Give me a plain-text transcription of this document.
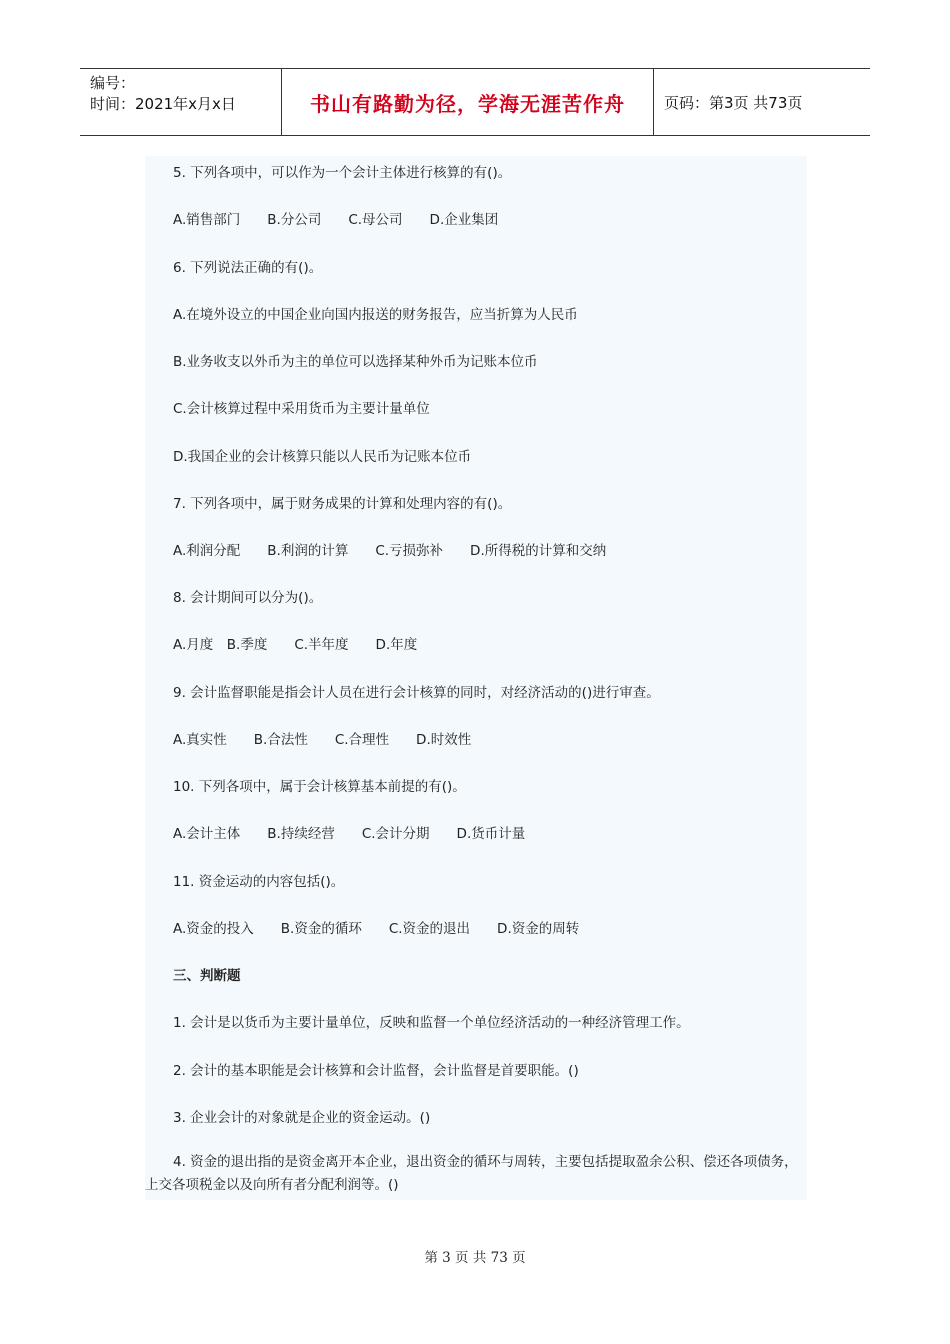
编号：
时间：2021年x月x日	书山有路勤为径，学海无涯苦作舟	页码：第3页 共73页
5. 下列各项中，可以作为一个会计主体进行核算的有()。
A.销售部门　　B.分公司　　C.母公司　　D.企业集团
6. 下列说法正确的有()。
A.在境外设立的中国企业向国内报送的财务报告，应当折算为人民币
B.业务收支以外币为主的单位可以选择某种外币为记账本位币
C.会计核算过程中采用货币为主要计量单位
D.我国企业的会计核算只能以人民币为记账本位币
7. 下列各项中，属于财务成果的计算和处理内容的有()。
A.利润分配　　B.利润的计算　　C.亏损弥补　　D.所得税的计算和交纳
8. 会计期间可以分为()。
A.月度　B.季度　　C.半年度　　D.年度
9. 会计监督职能是指会计人员在进行会计核算的同时，对经济活动的()进行审查。
A.真实性　　B.合法性　　C.合理性　　D.时效性
10. 下列各项中，属于会计核算基本前提的有()。
A.会计主体　　B.持续经营　　C.会计分期　　D.货币计量
11. 资金运动的内容包括()。
A.资金的投入　　B.资金的循环　　C.资金的退出　　D.资金的周转
三、判断题
1. 会计是以货币为主要计量单位，反映和监督一个单位经济活动的一种经济管理工作。
2. 会计的基本职能是会计核算和会计监督，会计监督是首要职能。()
3. 企业会计的对象就是企业的资金运动。()
4. 资金的退出指的是资金离开本企业，退出资金的循环与周转，主要包括提取盈余公积、偿还各项债务，上交各项税金以及向所有者分配利润等。()
第 3 页 共 73 页
